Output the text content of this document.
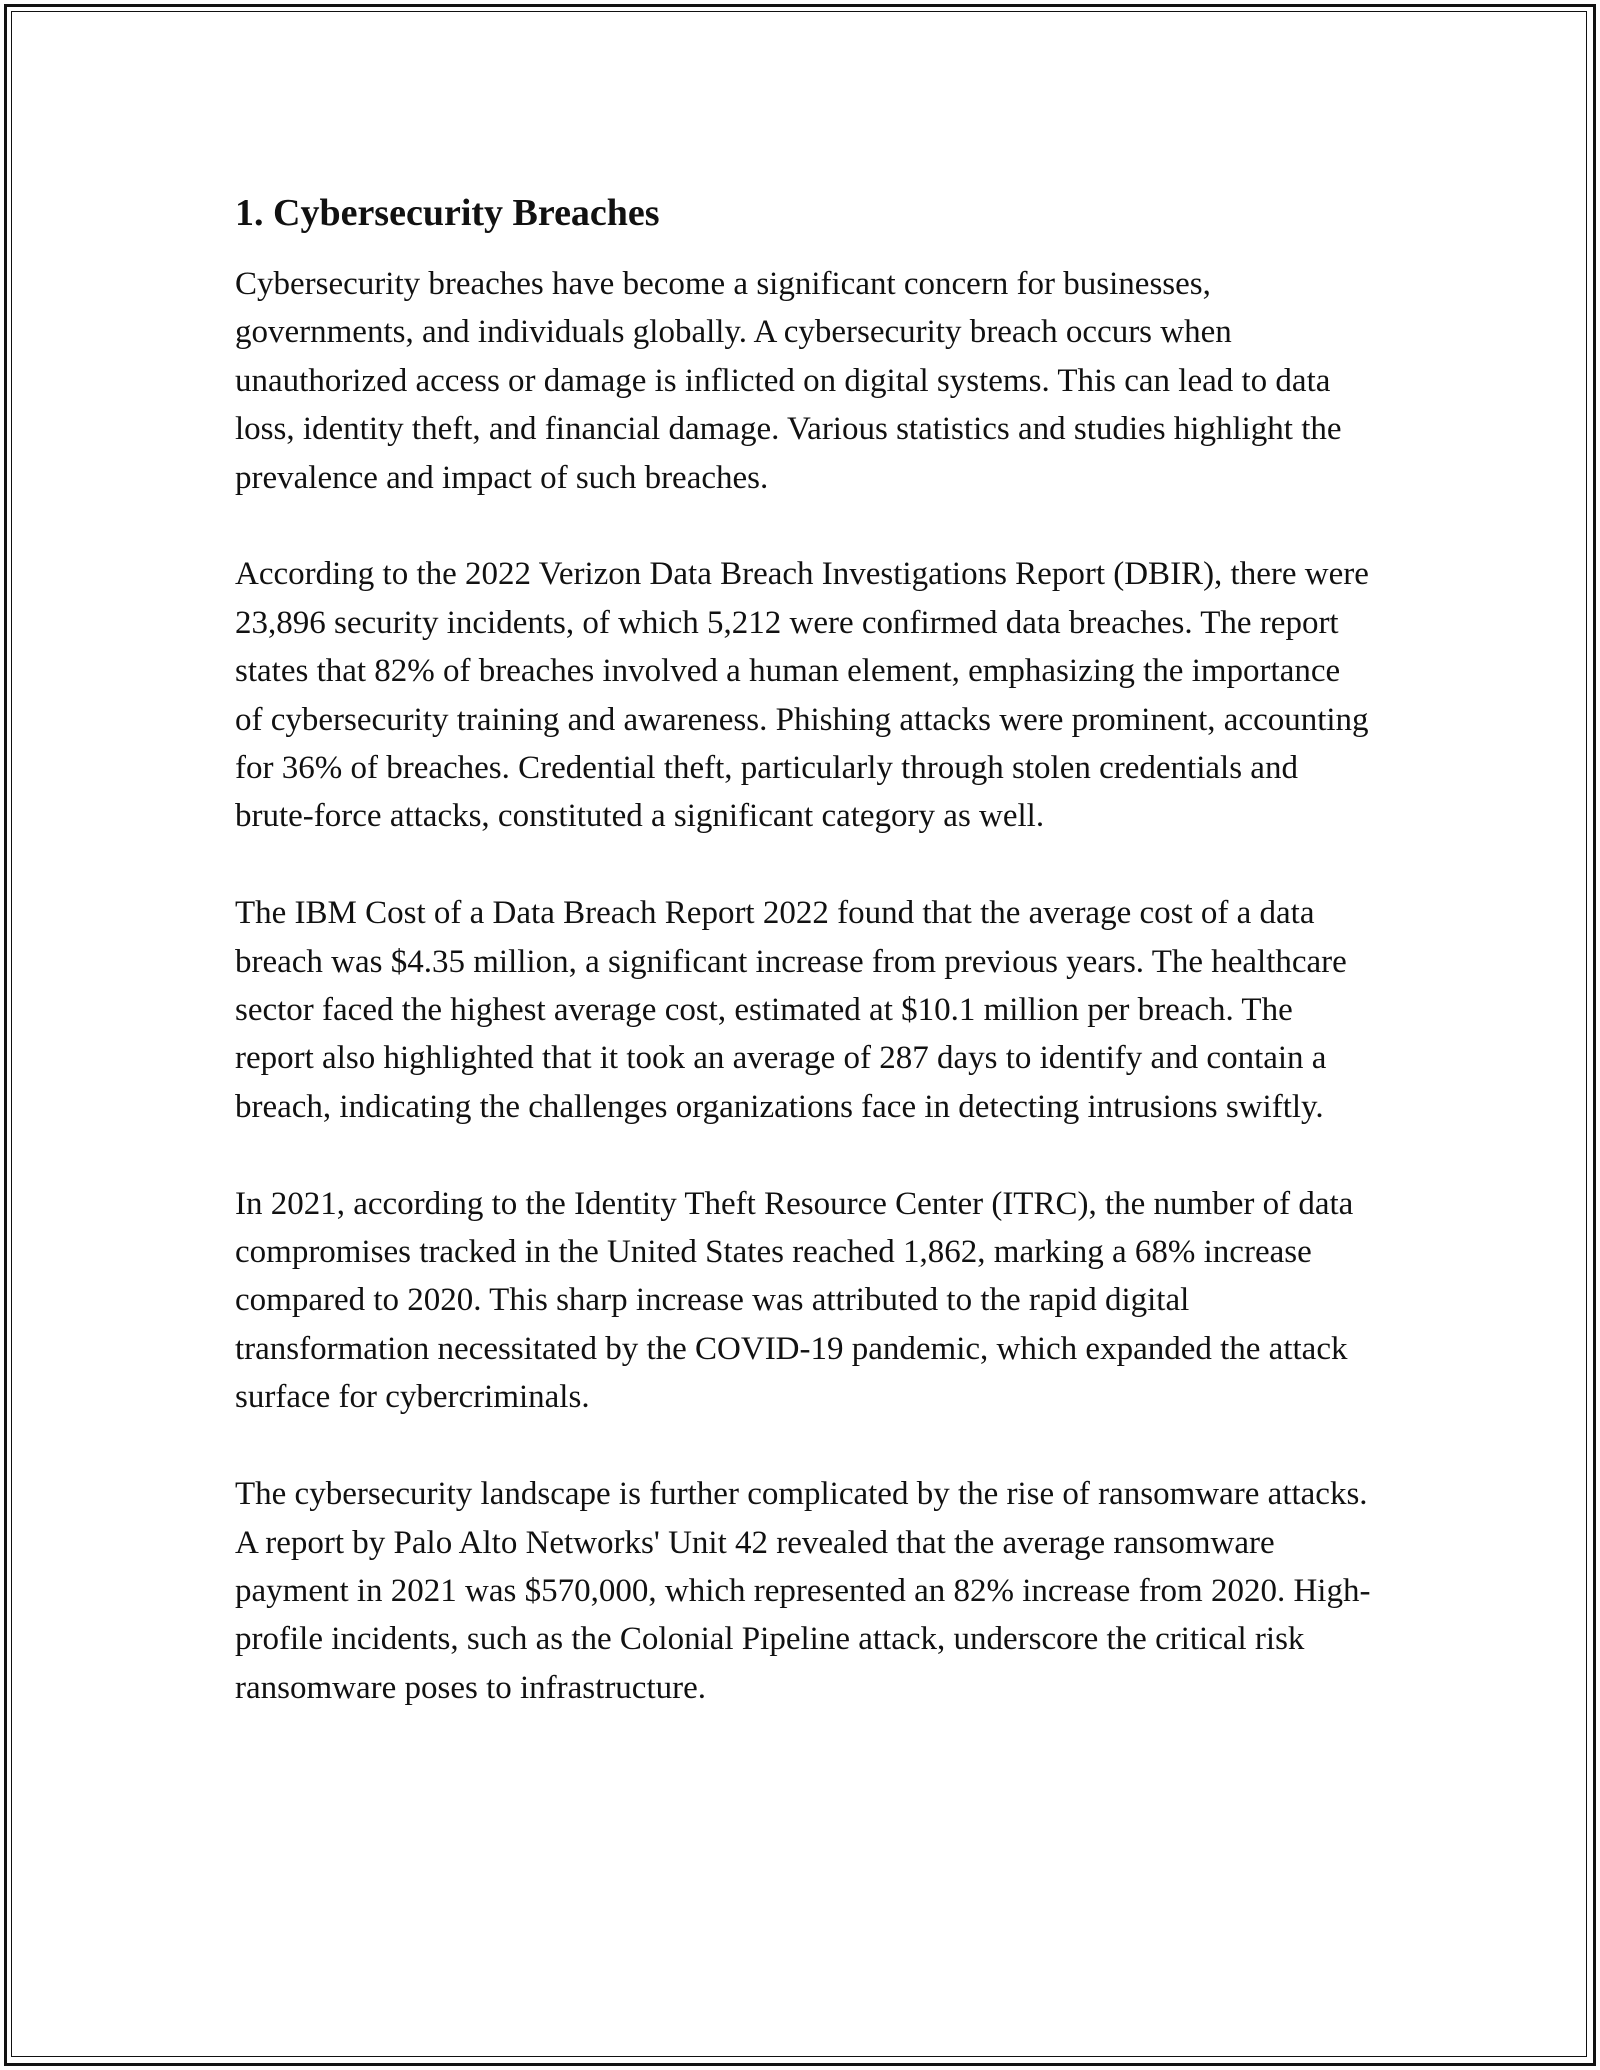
1. Cybersecurity Breaches

Cybersecurity breaches have become a significant concern for businesses, governments, and individuals globally. A cybersecurity breach occurs when unauthorized access or damage is inflicted on digital systems. This can lead to data loss, identity theft, and financial damage. Various statistics and studies highlight the prevalence and impact of such breaches.

According to the 2022 Verizon Data Breach Investigations Report (DBIR), there were 23,896 security incidents, of which 5,212 were confirmed data breaches. The report states that 82% of breaches involved a human element, emphasizing the importance of cybersecurity training and awareness. Phishing attacks were prominent, accounting for 36% of breaches. Credential theft, particularly through stolen credentials and brute-force attacks, constituted a significant category as well.

The IBM Cost of a Data Breach Report 2022 found that the average cost of a data breach was $4.35 million, a significant increase from previous years. The healthcare sector faced the highest average cost, estimated at $10.1 million per breach. The report also highlighted that it took an average of 287 days to identify and contain a breach, indicating the challenges organizations face in detecting intrusions swiftly.

In 2021, according to the Identity Theft Resource Center (ITRC), the number of data compromises tracked in the United States reached 1,862, marking a 68% increase compared to 2020. This sharp increase was attributed to the rapid digital transformation necessitated by the COVID-19 pandemic, which expanded the attack surface for cybercriminals.

The cybersecurity landscape is further complicated by the rise of ransomware attacks. A report by Palo Alto Networks' Unit 42 revealed that the average ransomware payment in 2021 was $570,000, which represented an 82% increase from 2020. High-profile incidents, such as the Colonial Pipeline attack, underscore the critical risk ransomware poses to infrastructure.
